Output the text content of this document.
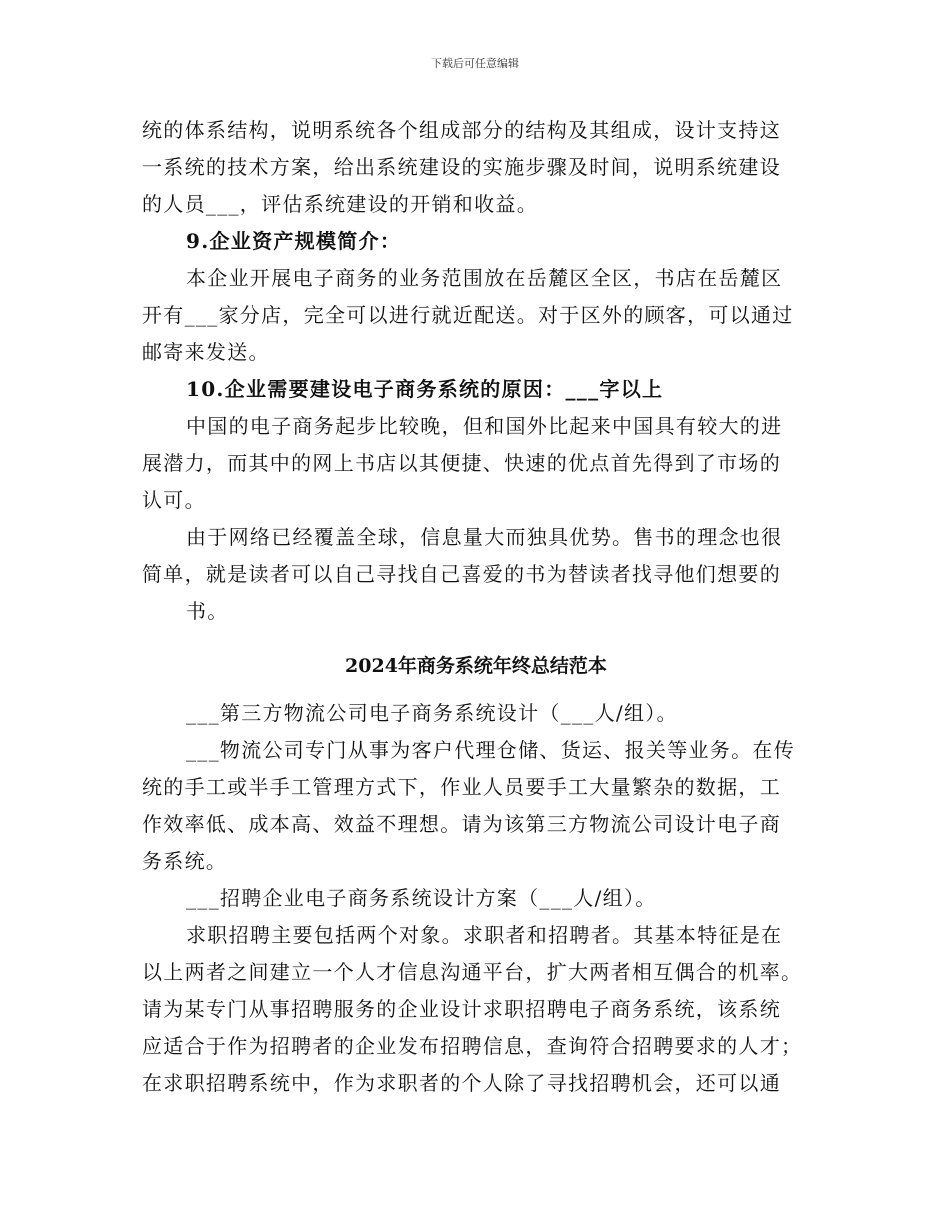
下载后可任意编辑
统的体系结构，说明系统各个组成部分的结构及其组成，设计支持这
一系统的技术方案，给出系统建设的实施步骤及时间，说明系统建设
的人员___，评估系统建设的开销和收益。
9.企业资产规模简介：
本企业开展电子商务的业务范围放在岳麓区全区，书店在岳麓区
开有___家分店，完全可以进行就近配送。对于区外的顾客，可以通过
邮寄来发送。
10.企业需要建设电子商务系统的原因：___字以上
中国的电子商务起步比较晚，但和国外比起来中国具有较大的进
展潜力，而其中的网上书店以其便捷、快速的优点首先得到了市场的
认可。
由于网络已经覆盖全球，信息量大而独具优势。售书的理念也很
简单，就是读者可以自己寻找自己喜爱的书为替读者找寻他们想要的
书。
2024年商务系统年终总结范本
___第三方物流公司电子商务系统设计（___人/组）。
___物流公司专门从事为客户代理仓储、货运、报关等业务。在传
统的手工或半手工管理方式下，作业人员要手工大量繁杂的数据，工
作效率低、成本高、效益不理想。请为该第三方物流公司设计电子商
务系统。
___招聘企业电子商务系统设计方案（___人/组）。
求职招聘主要包括两个对象。求职者和招聘者。其基本特征是在
以上两者之间建立一个人才信息沟通平台，扩大两者相互偶合的机率。
请为某专门从事招聘服务的企业设计求职招聘电子商务系统，该系统
应适合于作为招聘者的企业发布招聘信息，查询符合招聘要求的人才；
在求职招聘系统中，作为求职者的个人除了寻找招聘机会，还可以通
